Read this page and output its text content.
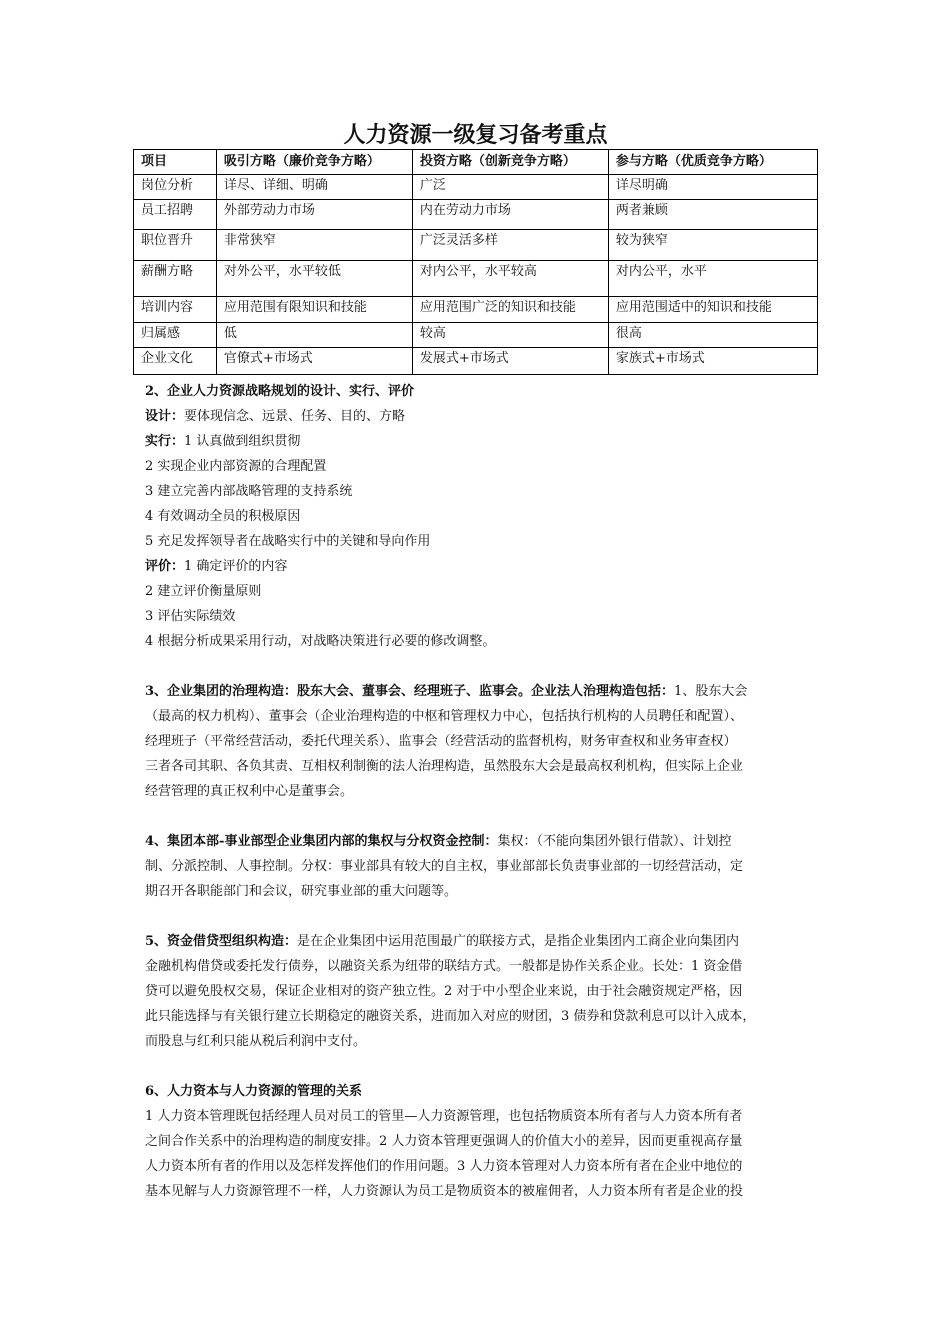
人力资源一级复习备考重点
项目	吸引方略（廉价竞争方略）	投资方略（创新竞争方略）	参与方略（优质竞争方略）
岗位分析	详尽、详细、明确	广泛	详尽明确
员工招聘	外部劳动力市场	内在劳动力市场	两者兼顾
职位晋升	非常狭窄	广泛灵活多样	较为狭窄
薪酬方略	对外公平，水平较低	对内公平，水平较高	对内公平，水平
培训内容	应用范围有限知识和技能	应用范围广泛的知识和技能	应用范围适中的知识和技能
归属感	低	较高	很高
企业文化	官僚式+市场式	发展式+市场式	家族式+市场式

2、企业人力资源战略规划的设计、实行、评价

设计：要体现信念、远景、任务、目的、方略

实行：1 认真做到组织贯彻

2 实现企业内部资源的合理配置

3 建立完善内部战略管理的支持系统

4 有效调动全员的积极原因

5 充足发挥领导者在战略实行中的关键和导向作用

评价：1 确定评价的内容

2 建立评价衡量原则

3 评估实际绩效

4 根据分析成果采用行动，对战略决策进行必要的修改调整。

3、企业集团的治理构造：股东大会、董事会、经理班子、监事会。企业法人治理构造包括：1、股东大会

（最高的权力机构）、董事会（企业治理构造的中枢和管理权力中心，包括执行机构的人员聘任和配置）、

经理班子（平常经营活动，委托代理关系）、监事会（经营活动的监督机构，财务审查权和业务审查权）

三者各司其职、各负其责、互相权利制衡的法人治理构造，虽然股东大会是最高权利机构，但实际上企业

经营管理的真正权利中心是董事会。

4、集团本部-事业部型企业集团内部的集权与分权资金控制：集权：（不能向集团外银行借款）、计划控

制、分派控制、人事控制。分权：事业部具有较大的自主权，事业部部长负责事业部的一切经营活动，定

期召开各职能部门和会议，研究事业部的重大问题等。

5、资金借贷型组织构造：是在企业集团中运用范围最广的联接方式，是指企业集团内工商企业向集团内

金融机构借贷或委托发行债券，以融资关系为纽带的联结方式。一般都是协作关系企业。长处：1 资金借

贷可以避免股权交易，保证企业相对的资产独立性。2 对于中小型企业来说，由于社会融资规定严格，因

此只能选择与有关银行建立长期稳定的融资关系，进而加入对应的财团，3 债券和贷款利息可以计入成本，

而股息与红利只能从税后利润中支付。

6、人力资本与人力资源的管理的关系

1 人力资本管理既包括经理人员对员工的管里—人力资源管理，也包括物质资本所有者与人力资本所有者

之间合作关系中的治理构造的制度安排。2 人力资本管理更强调人的价值大小的差异，因而更重视高存量

人力资本所有者的作用以及怎样发挥他们的作用问题。3 人力资本管理对人力资本所有者在企业中地位的

基本见解与人力资源管理不一样，人力资源认为员工是物质资本的被雇佣者，人力资本所有者是企业的投
